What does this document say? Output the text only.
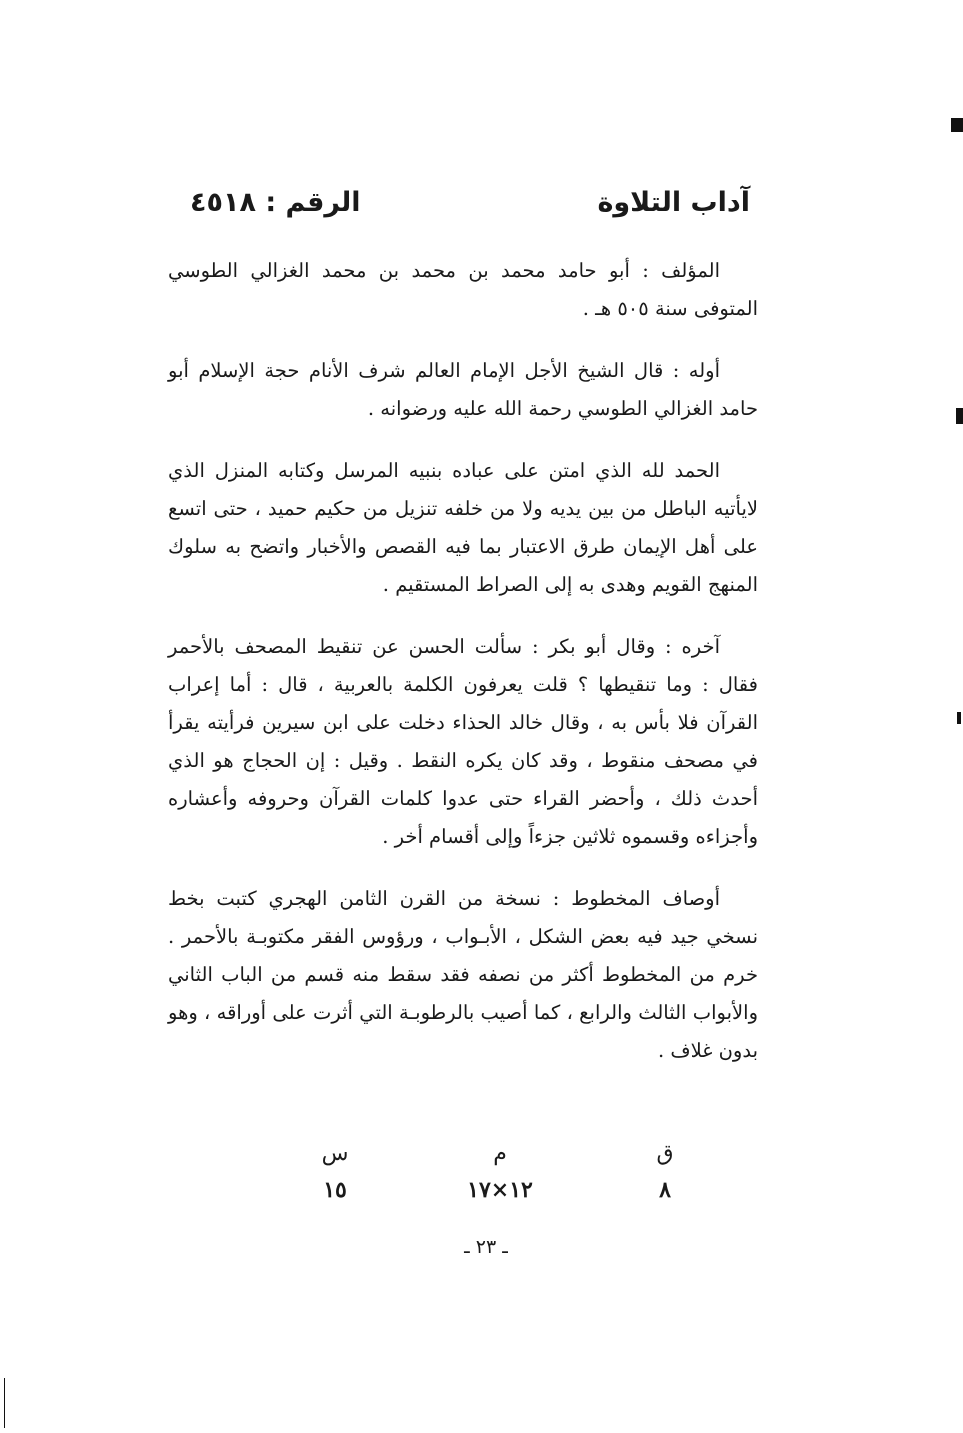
آداب التلاوة
الرقم : ٤٥١٨

المؤلف : أبو حامد محمد بن محمد بن محمد الغزالي الطوسي المتوفى سنة ٥٠٥ هـ .

أوله : قال الشيخ الأجل الإمام العالم شرف الأنام حجة الإسلام أبو حامد الغزالي الطوسي رحمة الله عليه ورضوانه .

الحمد لله الذي امتن على عباده بنبيه المرسل وكتابه المنزل الذي لايأتيه الباطل من بين يديه ولا من خلفه تنزيل من حكيم حميد ، حتى اتسع على أهل الإيمان طرق الاعتبار بما فيه القصص والأخبار واتضح به سلوك المنهج القويم وهدى به إلى الصراط المستقيم .

آخره : وقال أبو بكر : سألت الحسن عن تنقيط المصحف بالأحمر فقال : وما تنقيطها ؟ قلت يعرفون الكلمة بالعربية ، قال : أما إعراب القرآن فلا بأس به ، وقال خالد الحذاء دخلت على ابن سيرين فرأيته يقرأ في مصحف منقوط ، وقد كان يكره النقط . وقيل : إن الحجاج هو الذي أحدث ذلك ، وأحضر القراء حتى عدوا كلمات القرآن وحروفه وأعشاره وأجزاءه وقسموه ثلاثين جزءاً وإلى أقسام أخر .

أوصاف المخطوط : نسخة من القرن الثامن الهجري كتبت بخط نسخي جيد فيه بعض الشكل ، الأبـواب ، ورؤوس الفقر مكتوبـة بالأحمر . خرم من المخطوط أكثر من نصفه فقد سقط منه قسم من الباب الثاني والأبواب الثالث والرابع ، كما أصيب بالرطوبـة التي أثرت على أوراقه ، وهو بدون غلاف .

ق
٨
م
١٢×١٧
س
١٥
ـ ٢٣ ـ
